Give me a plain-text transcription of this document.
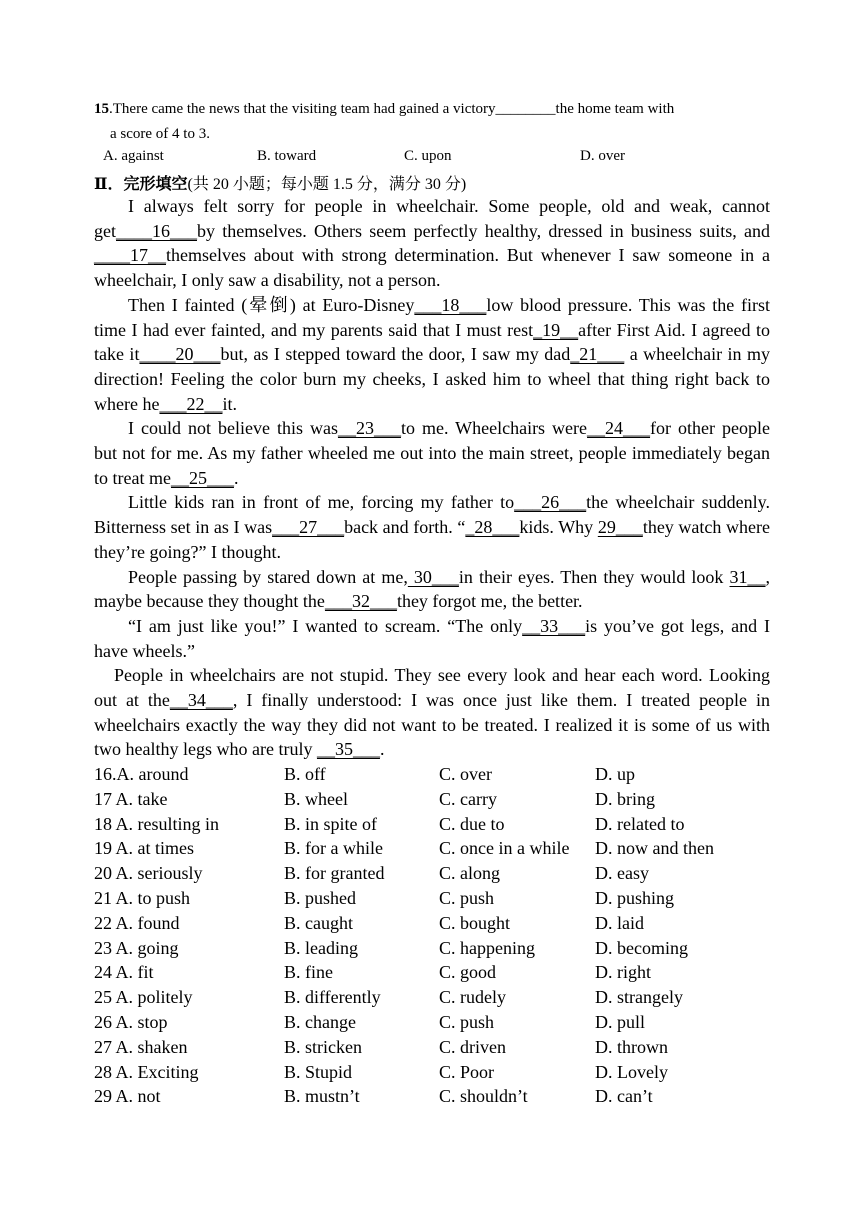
15.There came the news that the visiting team had gained a victory________the home team with
a score of 4 to 3.
A. against	B. toward	C. upon	D. over
Ⅱ．完形填空(共 20 小题；每小题 1.5 分，满分 30 分)

I always felt sorry for people in wheelchair. Some people, old and weak, cannot get____16___by themselves. Others seem perfectly healthy, dressed in business suits, and ____17__themselves about with strong determination. But whenever I saw someone in a wheelchair, I only saw a disability, not a person.

Then I fainted (晕倒) at Euro-Disney___18___low blood pressure. This was the first time I had ever fainted, and my parents said that I must rest_19__after First Aid. I agreed to take it____20___but, as I stepped toward the door, I saw my dad_21___ a wheelchair in my direction! Feeling the color burn my cheeks, I asked him to wheel that thing right back to where he___22__it.

I could not believe this was__23___to me. Wheelchairs were__24___for other people but not for me. As my father wheeled me out into the main street, people immediately began to treat me__25___.

Little kids ran in front of me, forcing my father to___26___the wheelchair suddenly. Bitterness set in as I was___27___back and forth. “_28___kids. Why 29___they watch where they’re going?” I thought.

People passing by stared down at me, 30___in their eyes. Then they would look 31__, maybe because they thought the___32___they forgot me, the better.

“I am just like you!” I wanted to scream. “The only__33___is you’ve got legs, and I have wheels.”

People in wheelchairs are not stupid. They see every look and hear each word. Looking out at the__34___, I finally understood: I was once just like them. I treated people in wheelchairs exactly the way they did not want to be treated. I realized it is some of us with two healthy legs who are truly __35___.

16.A. around	B. off	C. over	D. up
17 A. take	B. wheel	C. carry	D. bring
18 A. resulting in	B. in spite of	C. due to	D. related to
19 A. at times	B. for a while	C. once in a while D. now and then
20 A. seriously	B. for granted	C. along	D. easy
21 A. to push	B. pushed	C. push	D. pushing
22 A. found	B. caught	C. bought	D. laid
23 A. going	B. leading	C. happening	D. becoming
24 A. fit	B. fine	C. good	D. right
25 A. politely	B. differently	C. rudely	D. strangely
26 A. stop	B. change	C. push	D. pull
27 A. shaken	B. stricken	C. driven	D. thrown
28 A. Exciting	B. Stupid	C. Poor	D. Lovely
29 A. not	B. mustn’t	C. shouldn’t	D. can’t
